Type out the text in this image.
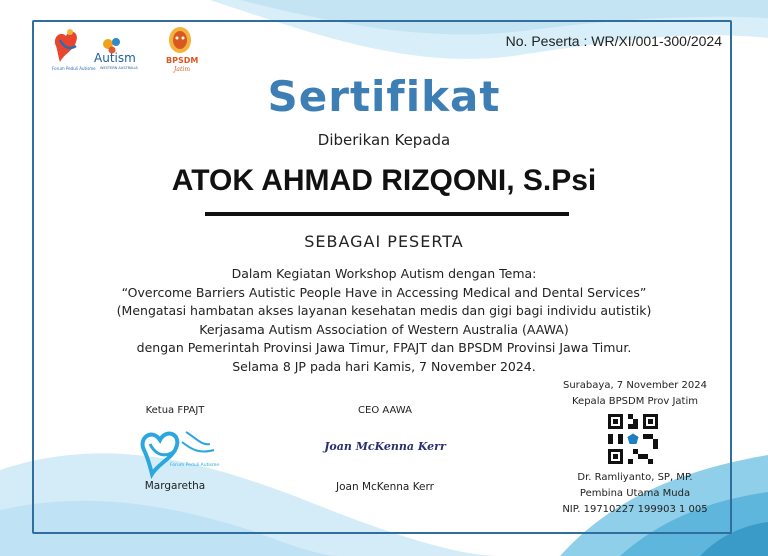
Forum Peduli Autisme
Autism
WESTERN AUSTRALIA
BPSDM
Jatim
No. Peserta : WR/XI/001-300/2024
Sertifikat
Diberikan Kepada
ATOK AHMAD RIZQONI, S.Psi
SEBAGAI PESERTA
Dalam Kegiatan Workshop Autism dengan Tema:
“Overcome Barriers Autistic People Have in Accessing Medical and Dental Services”
(Mengatasi hambatan akses layanan kesehatan medis dan gigi bagi individu autistik)
Kerjasama Autism Association of Western Australia (AAWA)
dengan Pemerintah Provinsi Jawa Timur, FPAJT dan BPSDM Provinsi Jawa Timur.
Selama 8 JP pada hari Kamis, 7 November 2024.
Ketua FPAJT
Forum Peduli Autisme
Margaretha
CEO AAWA
Joan McKenna Kerr
Joan McKenna Kerr
Surabaya, 7 November 2024
Kepala BPSDM Prov Jatim
Dr. Ramliyanto, SP, MP.
Pembina Utama Muda
NIP. 19710227 199903 1 005
